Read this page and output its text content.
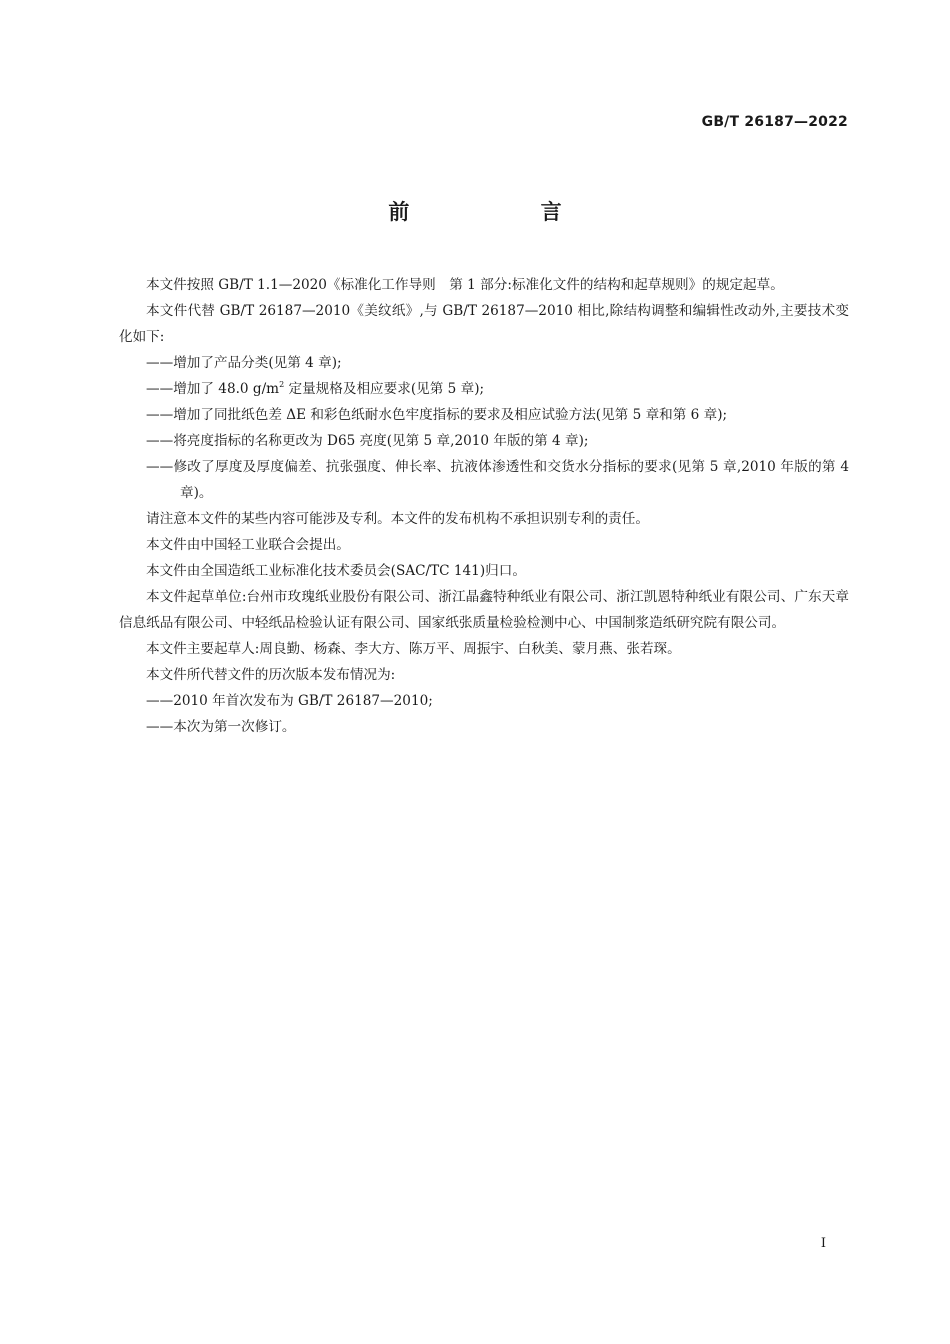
GB/T 26187—2022
前 言

本文件按照 GB/T 1.1—2020《标准化工作导则　第 1 部分:标准化文件的结构和起草规则》的规定起草。

本文件代替 GB/T 26187—2010《美纹纸》,与 GB/T 26187—2010 相比,除结构调整和编辑性改动外,主要技术变化如下:

——增加了产品分类(见第 4 章);

——增加了 48.0 $g/m^2$ 定量规格及相应要求(见第 5 章);

——增加了同批纸色差 ΔE 和彩色纸耐水色牢度指标的要求及相应试验方法(见第 5 章和第 6 章);

——将亮度指标的名称更改为 D65 亮度(见第 5 章,2010 年版的第 4 章);

——修改了厚度及厚度偏差、抗张强度、伸长率、抗液体渗透性和交货水分指标的要求(见第 5 章,2010 年版的第 4 章)。

请注意本文件的某些内容可能涉及专利。本文件的发布机构不承担识别专利的责任。

本文件由中国轻工业联合会提出。

本文件由全国造纸工业标准化技术委员会(SAC/TC 141)归口。

本文件起草单位:台州市玫瑰纸业股份有限公司、浙江晶鑫特种纸业有限公司、浙江凯恩特种纸业有限公司、广东天章信息纸品有限公司、中轻纸品检验认证有限公司、国家纸张质量检验检测中心、中国制浆造纸研究院有限公司。

本文件主要起草人:周良勤、杨森、李大方、陈万平、周振宇、白秋美、蒙月燕、张若琛。

本文件所代替文件的历次版本发布情况为:

——2010 年首次发布为 GB/T 26187—2010;

——本次为第一次修订。

I
